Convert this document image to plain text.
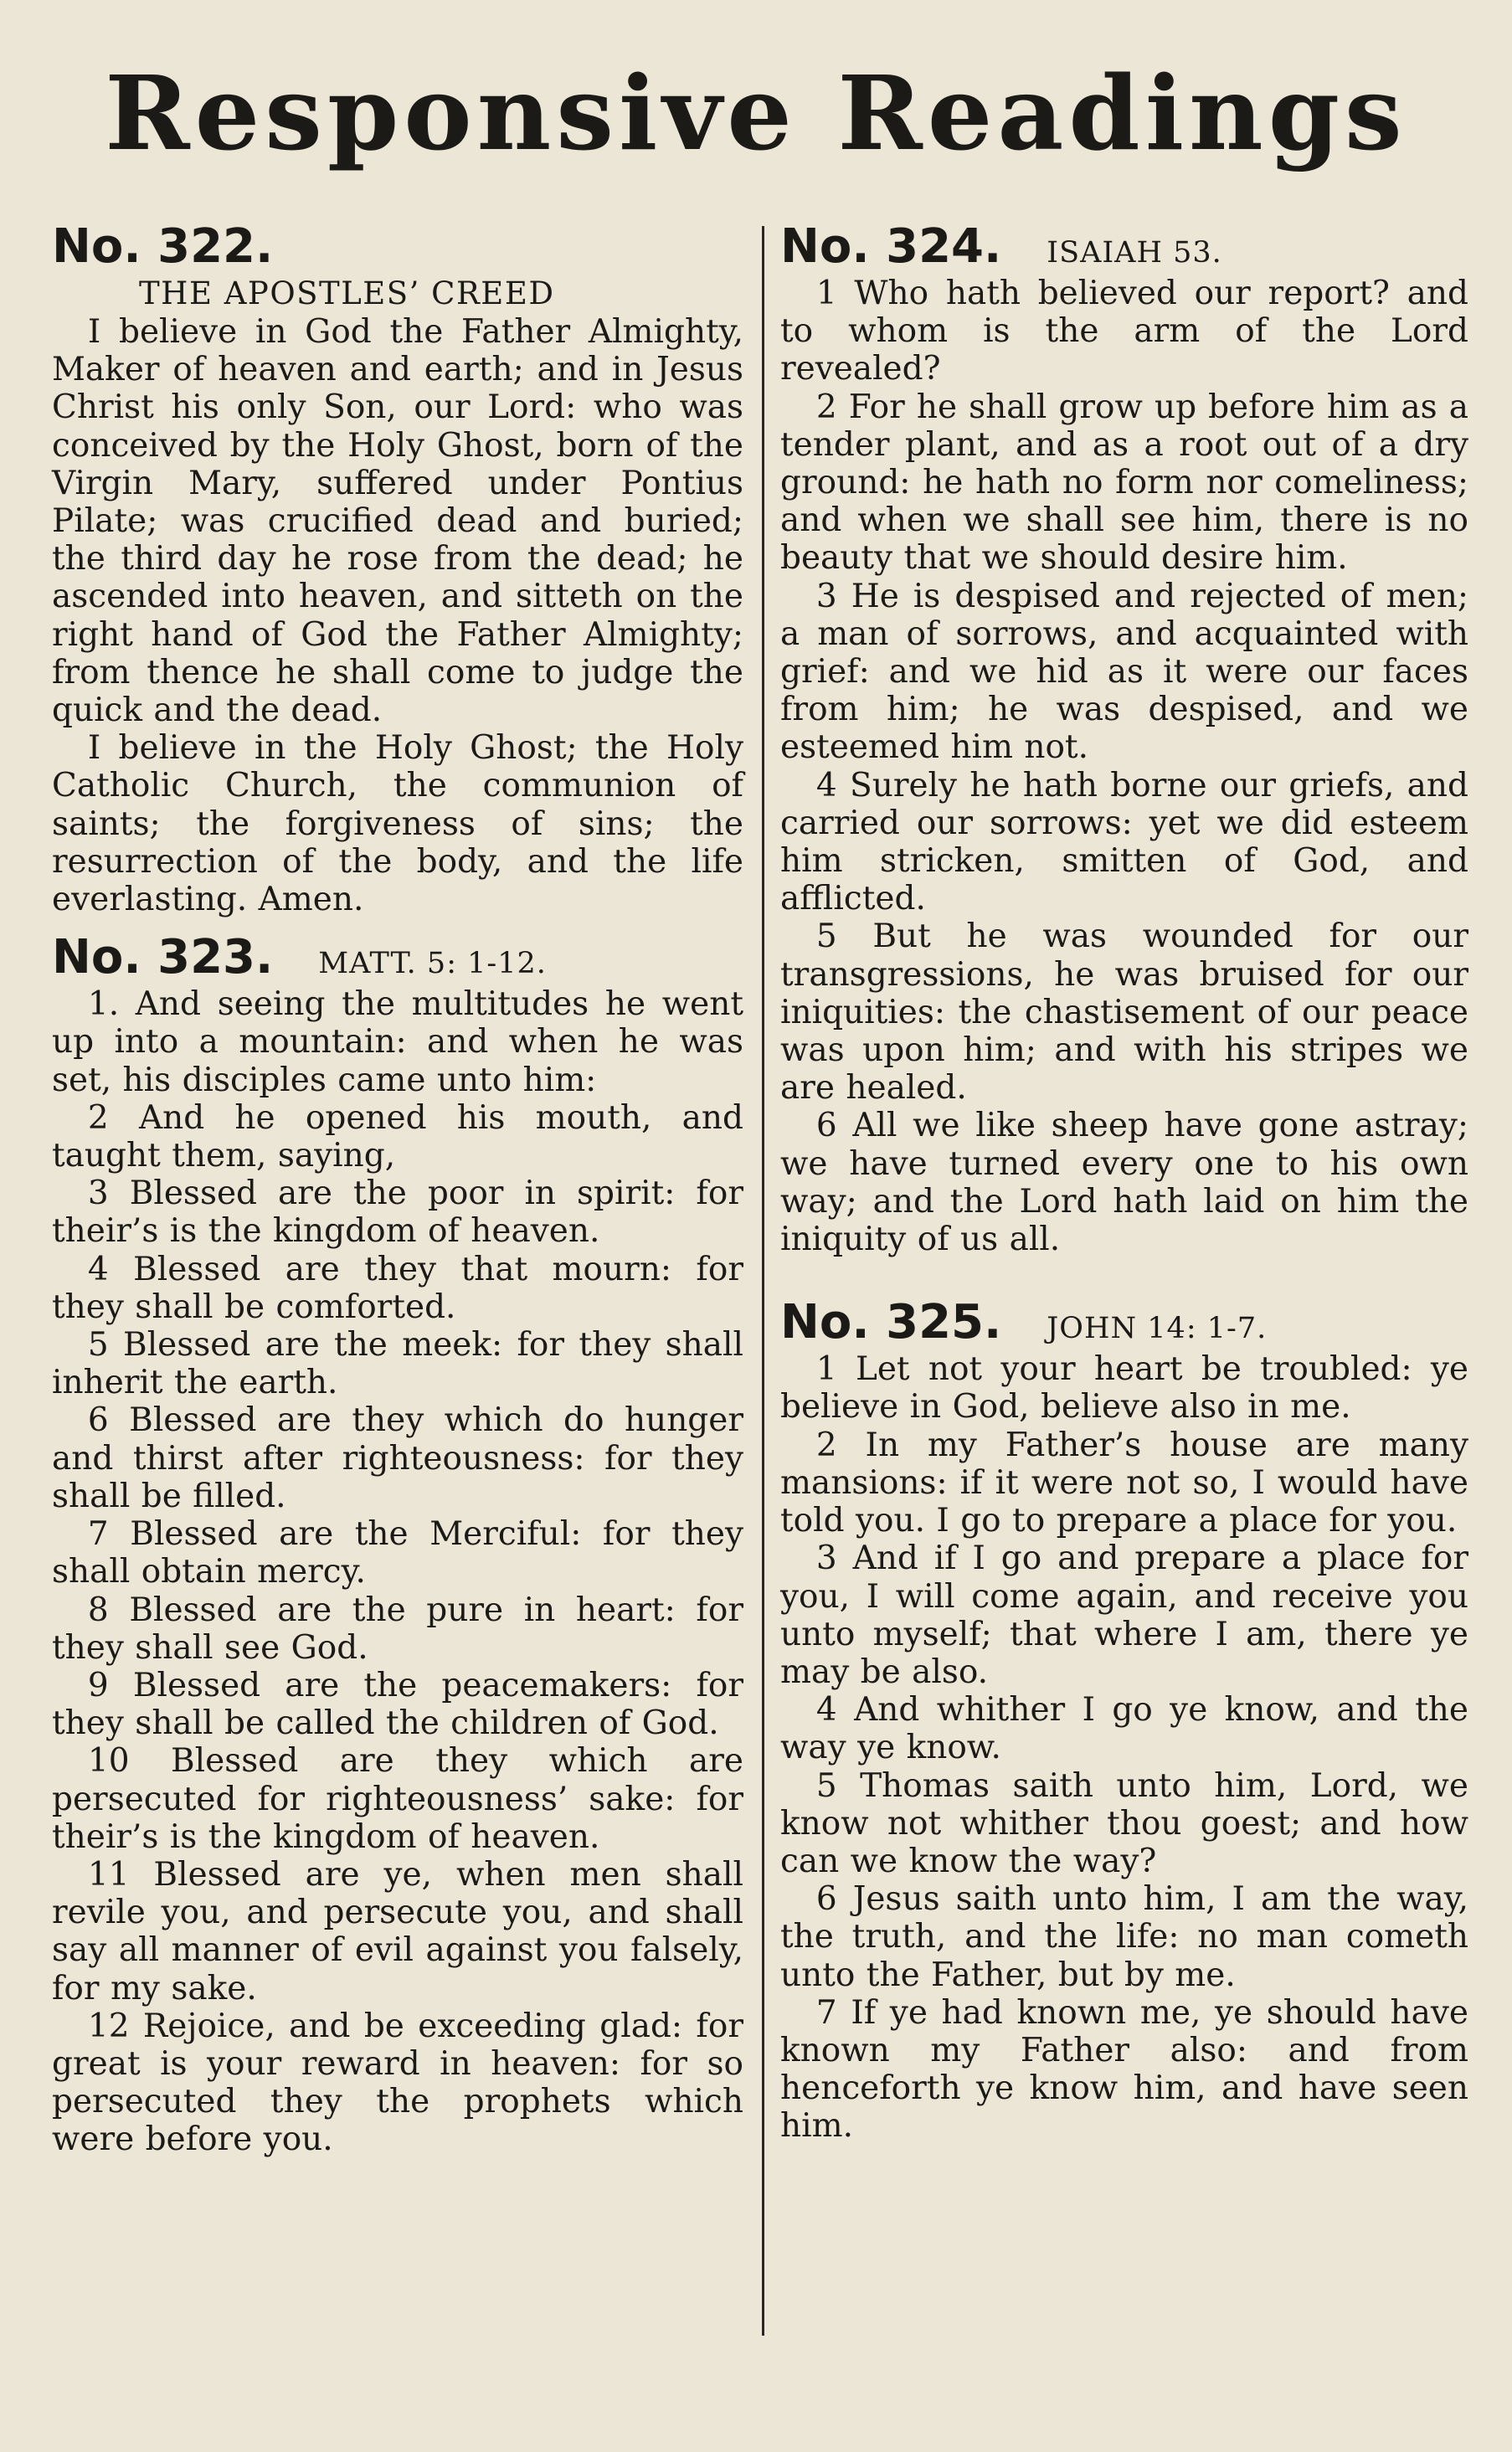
Responsive Readings
No. 322.
THE APOSTLES’ CREED

I believe in God the Father Almighty, Maker of heaven and earth; and in Jesus Christ his only Son, our Lord: who was conceived by the Holy Ghost, born of the Virgin Mary, suffered under Pontius Pilate; was crucified dead and buried; the third day he rose from the dead; he ascended into heaven, and sitteth on the right hand of God the Father Almighty; from thence he shall come to judge the quick and the dead.

I believe in the Holy Ghost; the Holy Catholic Church, the communion of saints; the forgiveness of sins; the resurrection of the body, and the life everlasting. Amen.

No. 323. MATT. 5: 1-12.

1. And seeing the multitudes he went up into a mountain: and when he was set, his disciples came unto him:

2 And he opened his mouth, and taught them, saying,

3 Blessed are the poor in spirit: for their’s is the kingdom of heaven.

4 Blessed are they that mourn: for they shall be comforted.

5 Blessed are the meek: for they shall inherit the earth.

6 Blessed are they which do hunger and thirst after righteousness: for they shall be filled.

7 Blessed are the Merciful: for they shall obtain mercy.

8 Blessed are the pure in heart: for they shall see God.

9 Blessed are the peacemakers: for they shall be called the children of God.

10 Blessed are they which are persecuted for righteousness’ sake: for their’s is the kingdom of heaven.

11 Blessed are ye, when men shall revile you, and persecute you, and shall say all manner of evil against you falsely, for my sake.

12 Rejoice, and be exceeding glad: for great is your reward in heaven: for so persecuted they the prophets which were before you.

No. 324. ISAIAH 53.

1 Who hath believed our report? and to whom is the arm of the Lord revealed?

2 For he shall grow up before him as a tender plant, and as a root out of a dry ground: he hath no form nor comeliness; and when we shall see him, there is no beauty that we should desire him.

3 He is despised and rejected of men; a man of sorrows, and acquainted with grief: and we hid as it were our faces from him; he was despised, and we esteemed him not.

4 Surely he hath borne our griefs, and carried our sorrows: yet we did esteem him stricken, smitten of God, and afflicted.

5 But he was wounded for our transgressions, he was bruised for our iniquities: the chastisement of our peace was upon him; and with his stripes we are healed.

6 All we like sheep have gone astray; we have turned every one to his own way; and the Lord hath laid on him the iniquity of us all.

No. 325. JOHN 14: 1-7.

1 Let not your heart be troubled: ye believe in God, believe also in me.

2 In my Father’s house are many mansions: if it were not so, I would have told you. I go to prepare a place for you.

3 And if I go and prepare a place for you, I will come again, and receive you unto myself; that where I am, there ye may be also.

4 And whither I go ye know, and the way ye know.

5 Thomas saith unto him, Lord, we know not whither thou goest; and how can we know the way?

6 Jesus saith unto him, I am the way, the truth, and the life: no man cometh unto the Father, but by me.

7 If ye had known me, ye should have known my Father also: and from henceforth ye know him, and have seen him.
